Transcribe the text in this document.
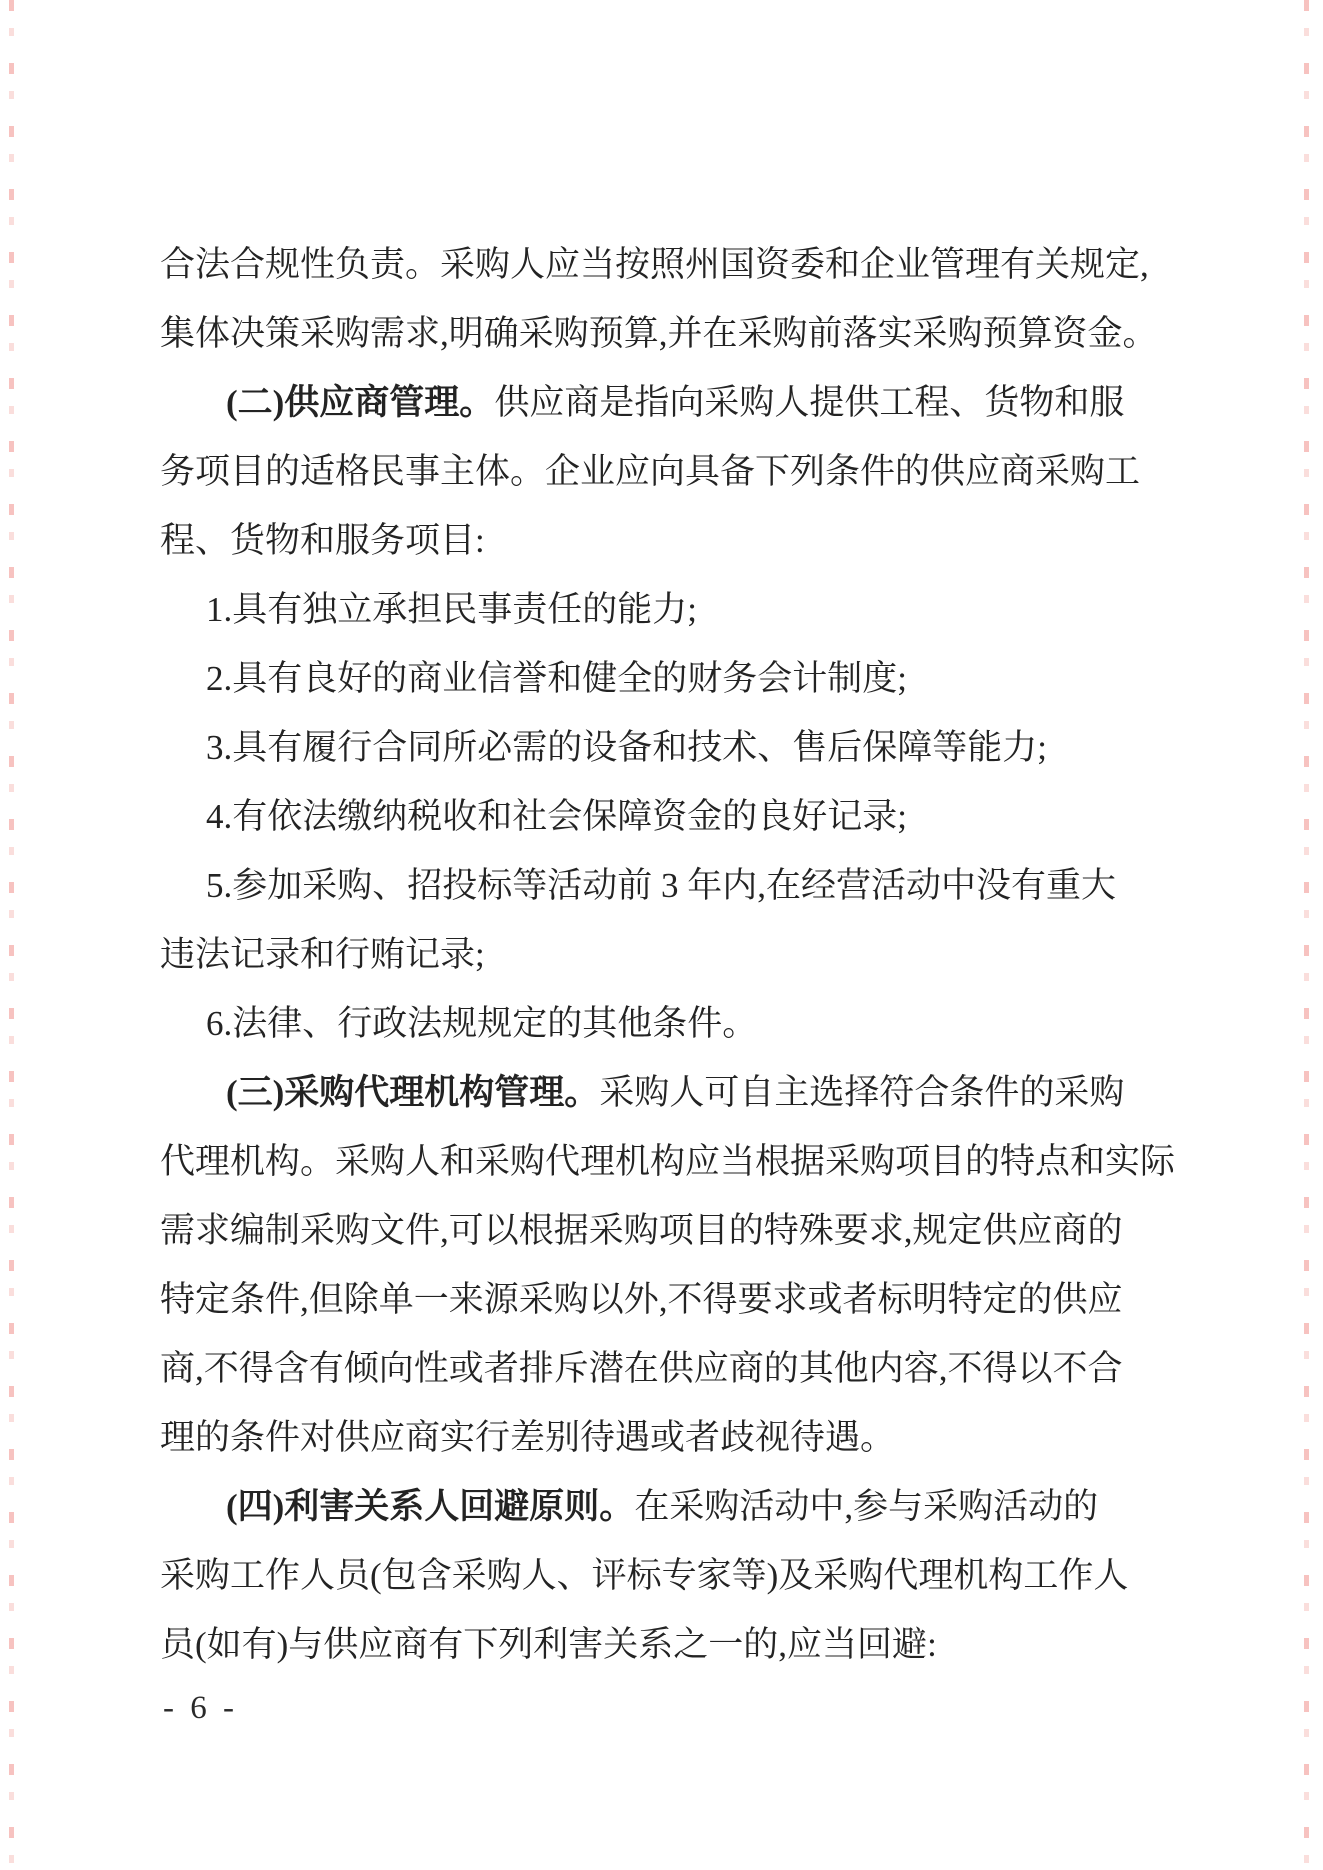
合法合规性负责。采购人应当按照州国资委和企业管理有关规定,
集体决策采购需求,明确采购预算,并在采购前落实采购预算资金。
(二)供应商管理。供应商是指向采购人提供工程、货物和服
务项目的适格民事主体。企业应向具备下列条件的供应商采购工
程、货物和服务项目:
1.具有独立承担民事责任的能力;
2.具有良好的商业信誉和健全的财务会计制度;
3.具有履行合同所必需的设备和技术、售后保障等能力;
4.有依法缴纳税收和社会保障资金的良好记录;
5.参加采购、招投标等活动前 3 年内,在经营活动中没有重大
违法记录和行贿记录;
6.法律、行政法规规定的其他条件。
(三)采购代理机构管理。采购人可自主选择符合条件的采购
代理机构。采购人和采购代理机构应当根据采购项目的特点和实际
需求编制采购文件,可以根据采购项目的特殊要求,规定供应商的
特定条件,但除单一来源采购以外,不得要求或者标明特定的供应
商,不得含有倾向性或者排斥潜在供应商的其他内容,不得以不合
理的条件对供应商实行差别待遇或者歧视待遇。
(四)利害关系人回避原则。在采购活动中,参与采购活动的
采购工作人员(包含采购人、评标专家等)及采购代理机构工作人
员(如有)与供应商有下列利害关系之一的,应当回避:
- 6 -
